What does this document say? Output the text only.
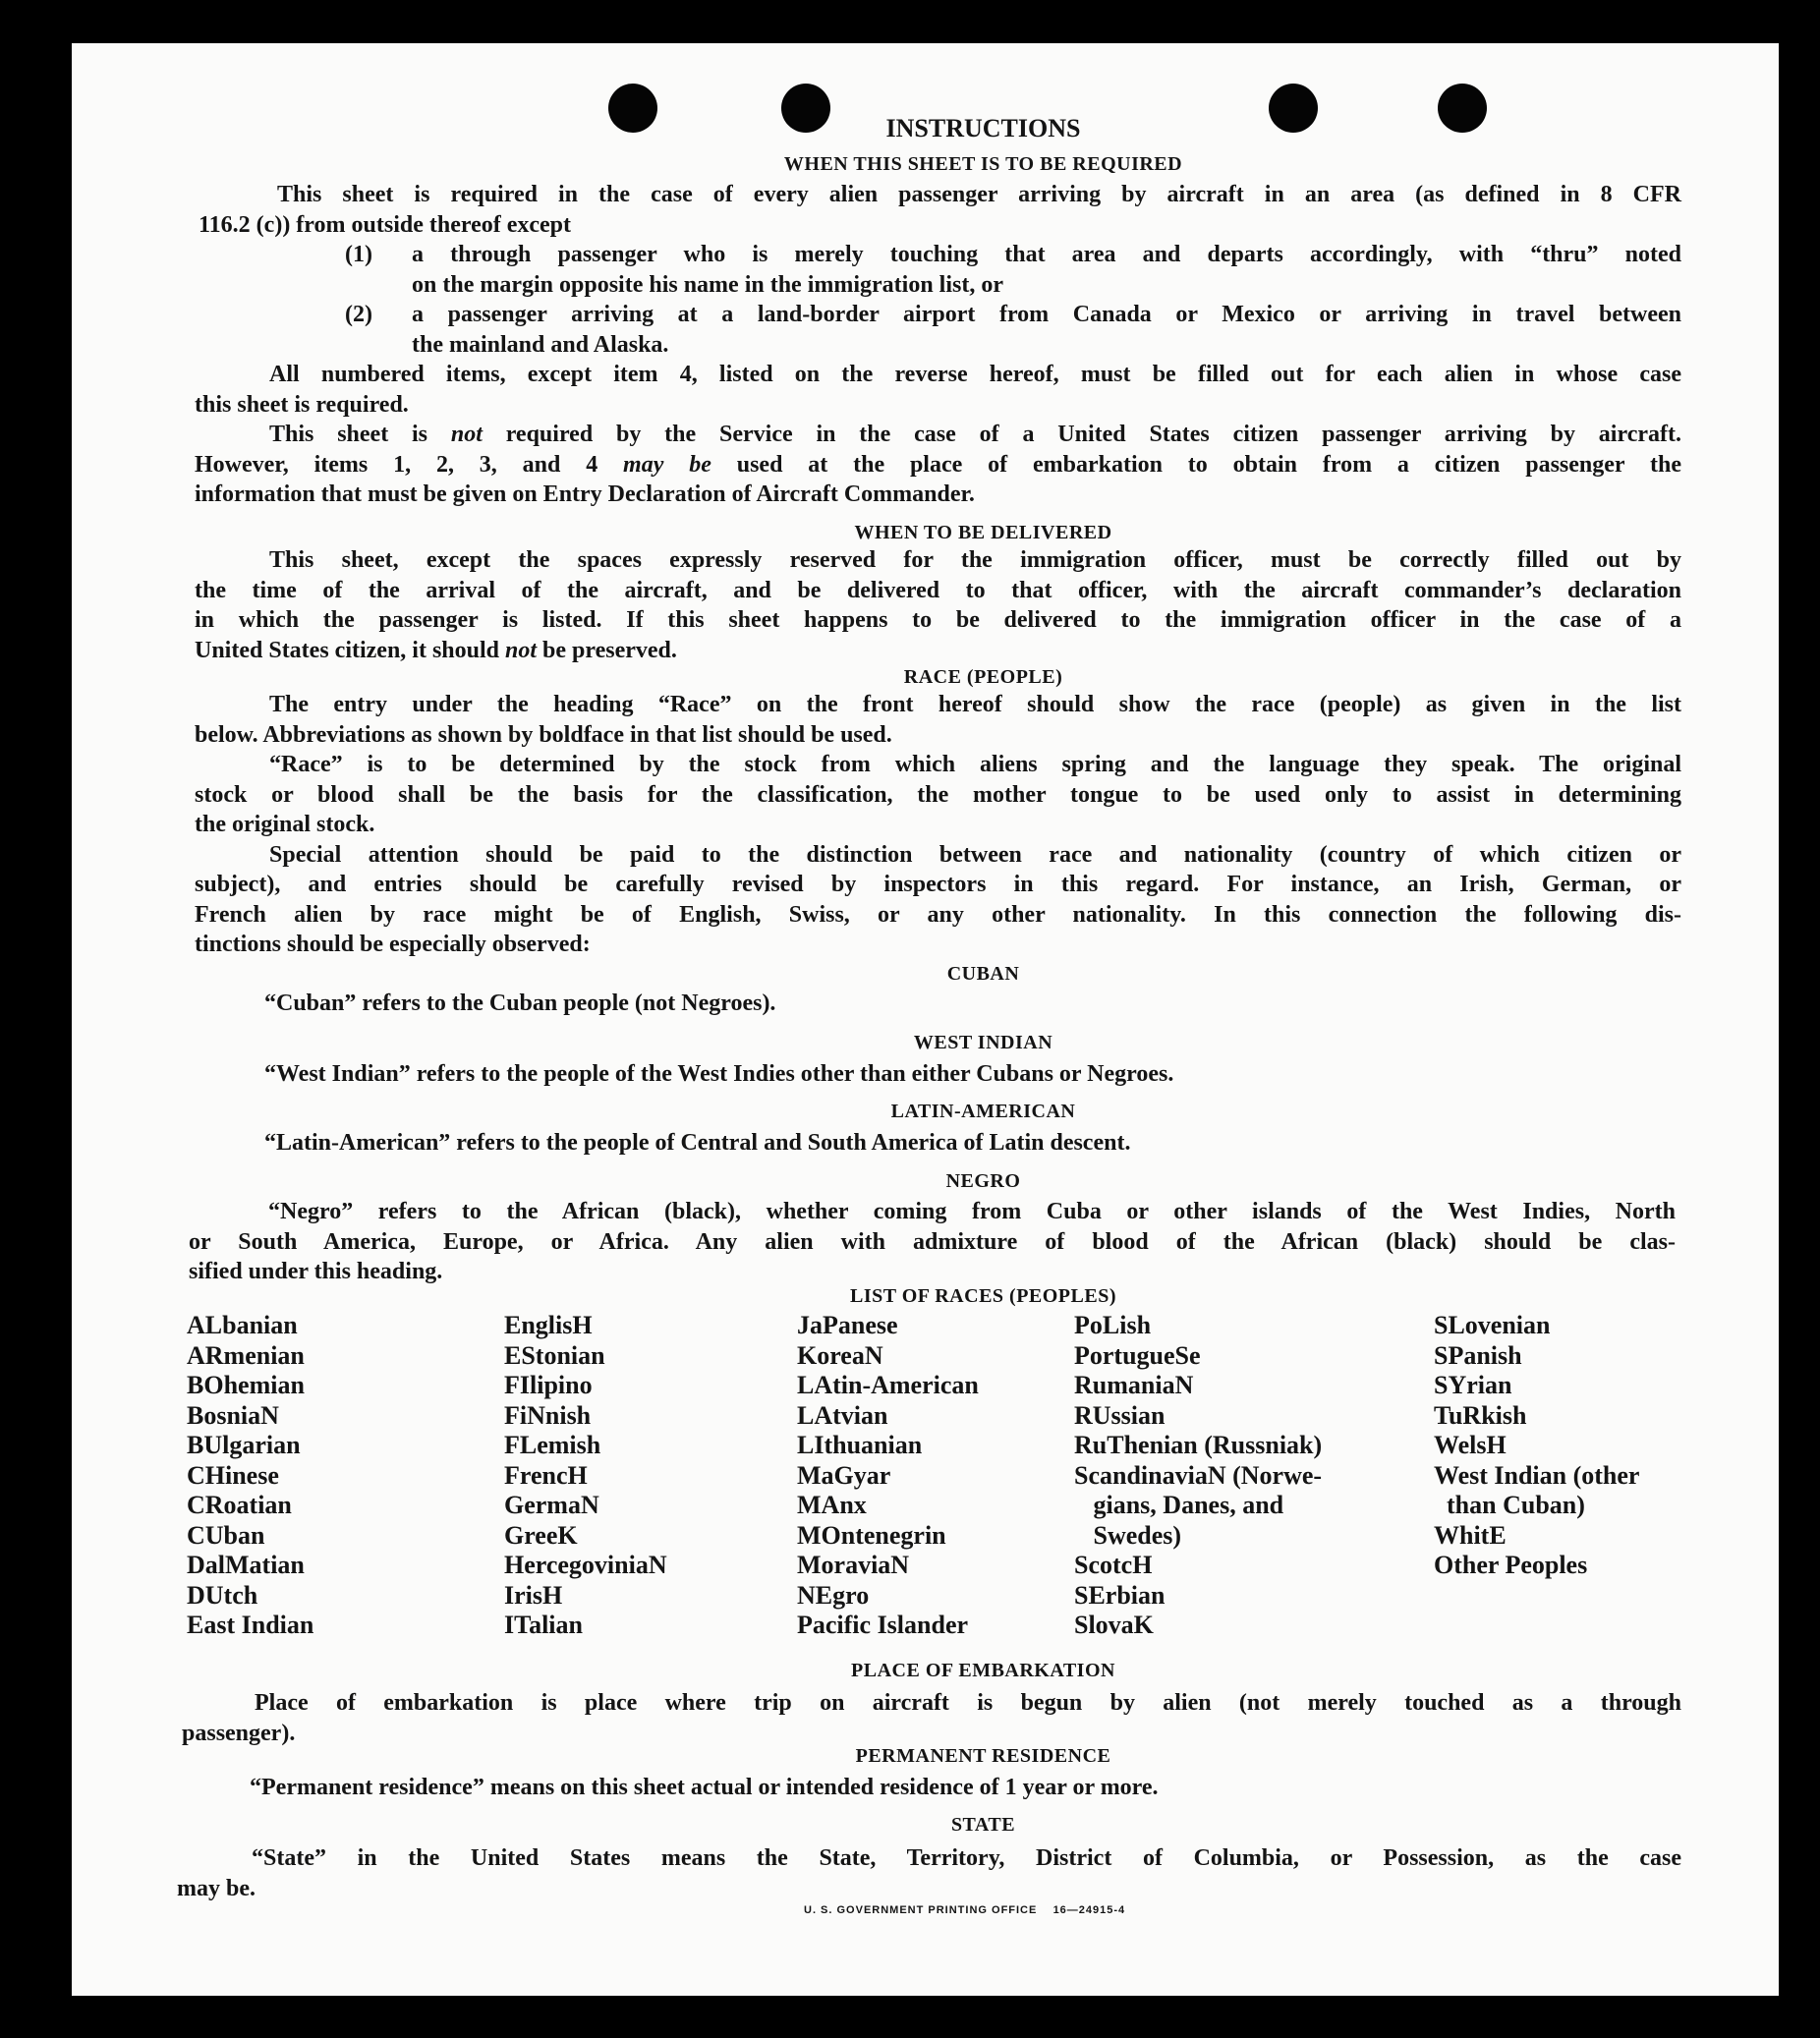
INSTRUCTIONS
WHEN THIS SHEET IS TO BE REQUIRED
This sheet is required in the case of every alien passenger arriving by aircraft in an area (as defined in 8 CFR
116.2 (c)) from outside thereof except
(1) a through passenger who is merely touching that area and departs accordingly, with “thru” noted
on the margin opposite his name in the immigration list, or
(2) a passenger arriving at a land-border airport from Canada or Mexico or arriving in travel between
the mainland and Alaska.
All numbered items, except item 4, listed on the reverse hereof, must be filled out for each alien in whose case
this sheet is required.
This sheet is not required by the Service in the case of a United States citizen passenger arriving by aircraft.
However, items 1, 2, 3, and 4 may be used at the place of embarkation to obtain from a citizen passenger the
information that must be given on Entry Declaration of Aircraft Commander.
WHEN TO BE DELIVERED
This sheet, except the spaces expressly reserved for the immigration officer, must be correctly filled out by
the time of the arrival of the aircraft, and be delivered to that officer, with the aircraft commander’s declaration
in which the passenger is listed. If this sheet happens to be delivered to the immigration officer in the case of a
United States citizen, it should not be preserved.
RACE (PEOPLE)
The entry under the heading “Race” on the front hereof should show the race (people) as given in the list
below. Abbreviations as shown by boldface in that list should be used.
“Race” is to be determined by the stock from which aliens spring and the language they speak. The original
stock or blood shall be the basis for the classification, the mother tongue to be used only to assist in determining
the original stock.
Special attention should be paid to the distinction between race and nationality (country of which citizen or
subject), and entries should be carefully revised by inspectors in this regard. For instance, an Irish, German, or
French alien by race might be of English, Swiss, or any other nationality. In this connection the following dis-
tinctions should be especially observed:
CUBAN
“Cuban” refers to the Cuban people (not Negroes).
WEST INDIAN
“West Indian” refers to the people of the West Indies other than either Cubans or Negroes.
LATIN-AMERICAN
“Latin-American” refers to the people of Central and South America of Latin descent.
NEGRO
“Negro” refers to the African (black), whether coming from Cuba or other islands of the West Indies, North
or South America, Europe, or Africa. Any alien with admixture of blood of the African (black) should be clas-
sified under this heading.
LIST OF RACES (PEOPLES)
ALbanian
ARmenian
BOhemian
BosniaN
BUlgarian
CHinese
CRoatian
CUban
DalMatian
DUtch
East Indian
EnglisH
EStonian
FIlipino
FiNnish
FLemish
FrencH
GermaN
GreeK
HercegoviniaN
IrisH
ITalian
JaPanese
KoreaN
LAtin-American
LAtvian
LIthuanian
MaGyar
MAnx
MOntenegrin
MoraviaN
NEgro
Pacific Islander
PoLish
PortugueSe
RumaniaN
RUssian
RuThenian (Russniak)
ScandinaviaN (Norwe-
gians, Danes, and
Swedes)
ScotcH
SErbian
SlovaK
SLovenian
SPanish
SYrian
TuRkish
WelsH
West Indian (other
than Cuban)
WhitE
Other Peoples
PLACE OF EMBARKATION
Place of embarkation is place where trip on aircraft is begun by alien (not merely touched as a through
passenger).
PERMANENT RESIDENCE
“Permanent residence” means on this sheet actual or intended residence of 1 year or more.
STATE
“State” in the United States means the State, Territory, District of Columbia, or Possession, as the case
may be.
U. S. GOVERNMENT PRINTING OFFICE    16—24915-4
